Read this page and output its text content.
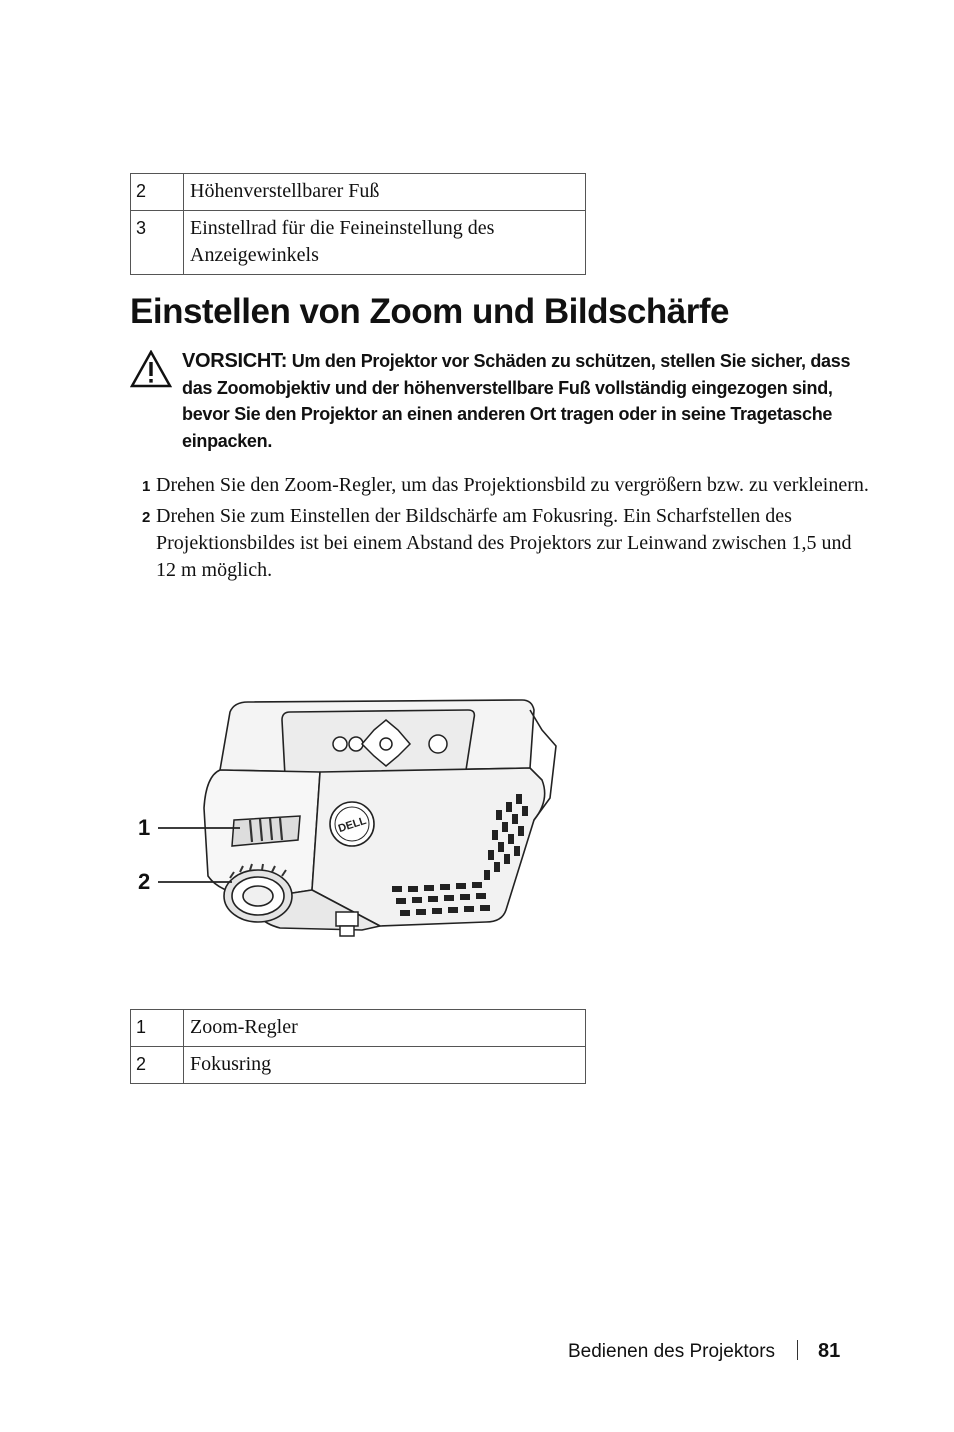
2	Höhenverstellbarer Fuß
3	Einstellrad für die Feineinstellung des Anzeigewinkels
Einstellen von Zoom und Bildschärfe

VORSICHT: Um den Projektor vor Schäden zu schützen, stellen Sie sicher, dass das Zoomobjektiv und der höhenverstellbare Fuß vollständig eingezogen sind, bevor Sie den Projektor an einen anderen Ort tragen oder in seine Tragetasche einpacken.

1 Drehen Sie den Zoom-Regler, um das Projektionsbild zu vergrößern bzw. zu verkleinern.
2 Drehen Sie zum Einstellen der Bildschärfe am Fokusring. Ein Scharfstellen des Projektionsbildes ist bei einem Abstand des Projektors zur Leinwand zwischen 1,5 und 12 m möglich.
DELL
1
2
1	Zoom-Regler
2	Fokusring
Bedienen des Projektors 81
